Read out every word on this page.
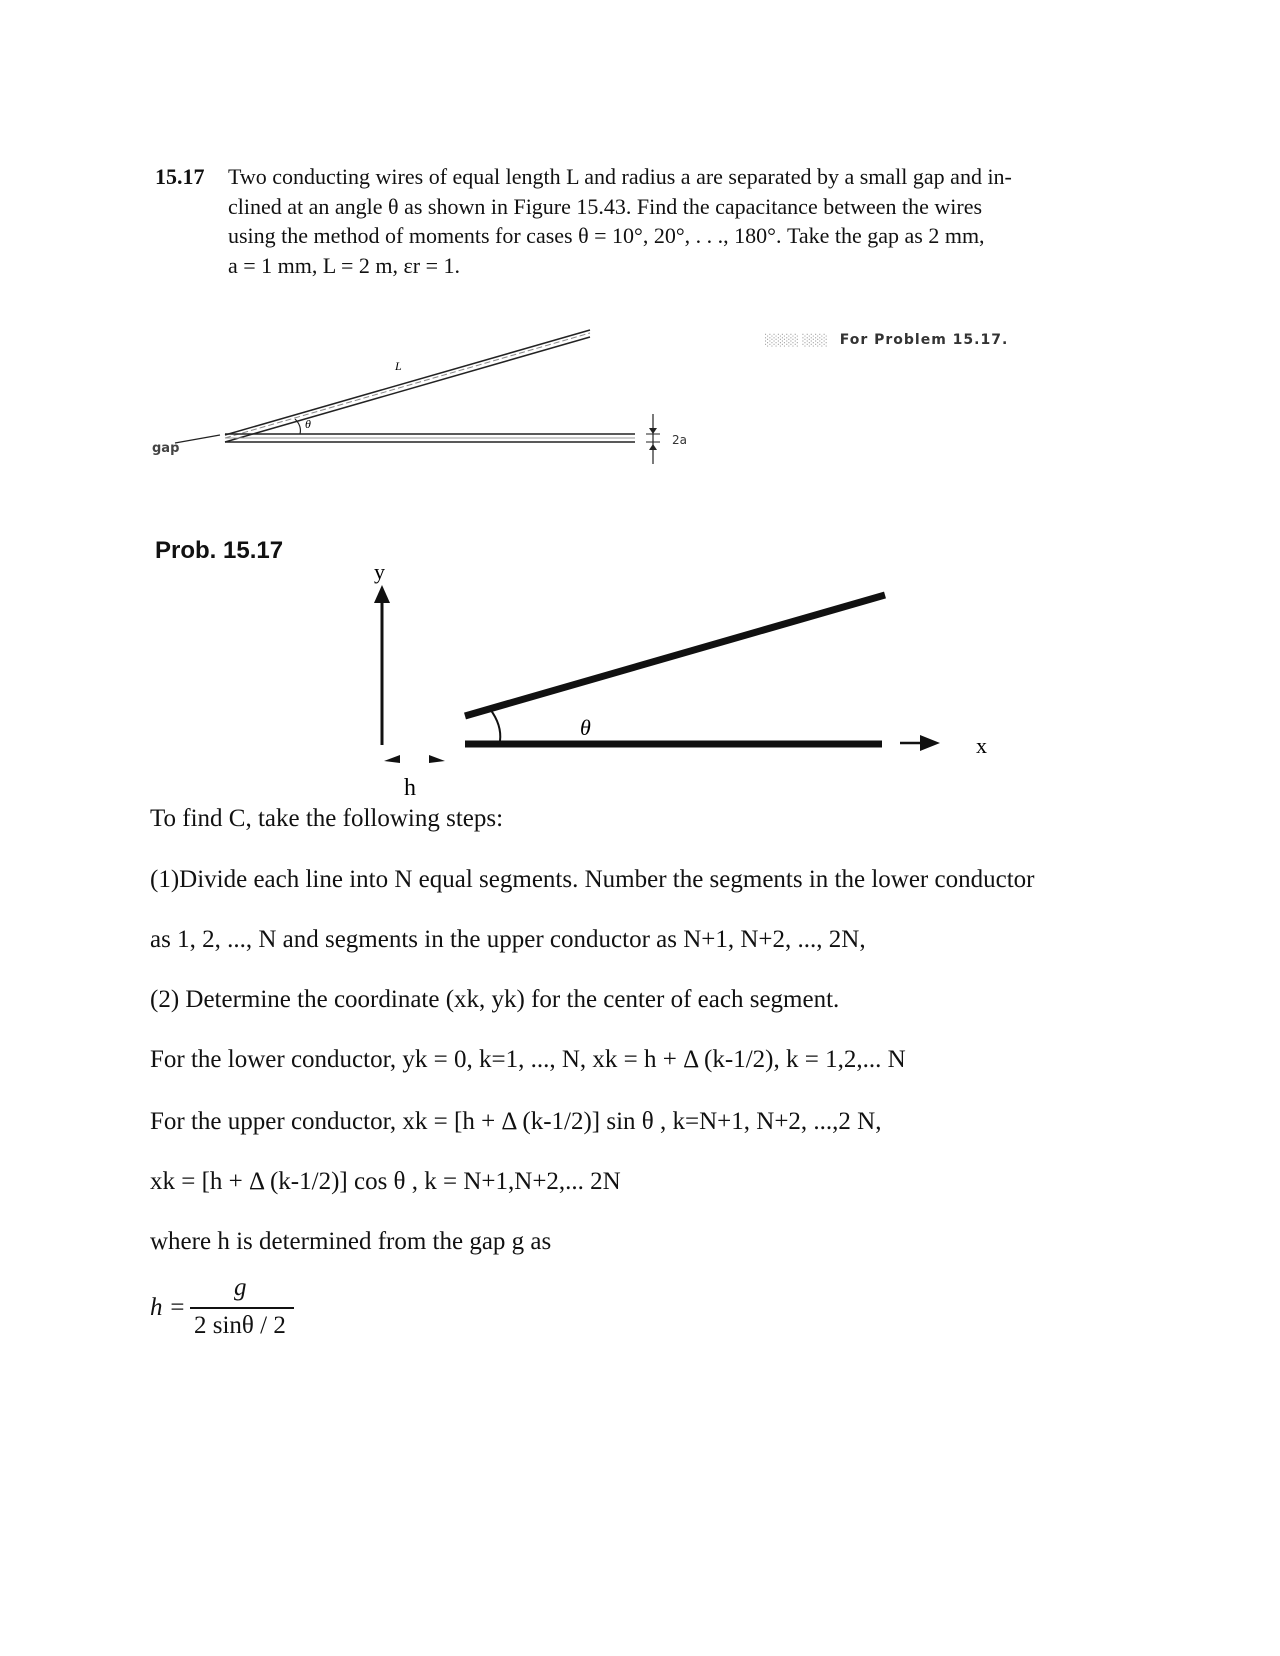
15.17 Two conducting wires of equal length L and radius a are separated by a small gap and in-
clined at an angle θ as shown in Figure 15.43. Find the capacitance between the wires
using the method of moments for cases θ = 10°, 20°, . . ., 180°. Take the gap as 2 mm,
a = 1 mm, L = 2 m, εr = 1.
L
θ
gap
2a
░░░░ ░░░ For Problem 15.17.
Prob. 15.17
y
θ
x
h
To find C, take the following steps:
(1)Divide each line into N equal segments. Number the segments in the lower conductor
as 1, 2, ..., N and segments in the upper conductor as N+1, N+2, ..., 2N,
(2) Determine the coordinate (xk, yk) for the center of each segment.
For the lower conductor, yk = 0, k=1, ..., N, xk = h + Δ (k-1/2), k = 1,2,... N
For the upper conductor, xk = [h + Δ (k-1/2)] sin θ , k=N+1, N+2, ...,2 N,
xk = [h + Δ (k-1/2)] cos θ , k = N+1,N+2,... 2N
where h is determined from the gap g as
h =
g
2 sinθ / 2
